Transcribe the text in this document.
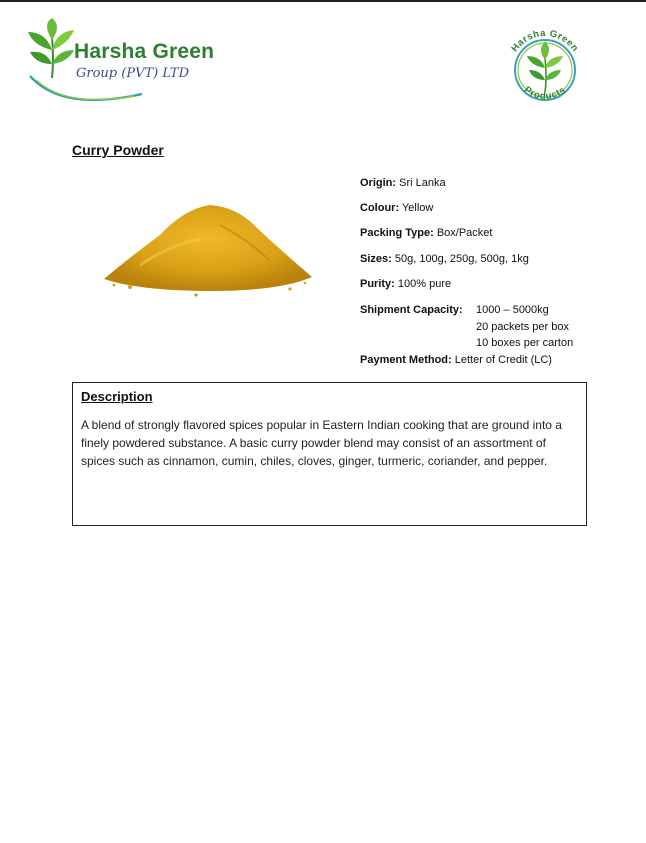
Harsha Green
Group (PVT) LTD
Harsha Green
Products
Curry Powder
Origin: Sri Lanka
Colour: Yellow
Packing Type: Box/Packet
Sizes: 50g, 100g, 250g, 500g, 1kg
Purity: 100% pure
Shipment Capacity: 1000 – 5000kg
20 packets per box
10 boxes per carton
Payment Method: Letter of Credit (LC)
Description
A blend of strongly flavored spices popular in Eastern Indian cooking that are ground into a finely powdered substance. A basic curry powder blend may consist of an assortment of spices such as cinnamon, cumin, chiles, cloves, ginger, turmeric, coriander, and pepper.
